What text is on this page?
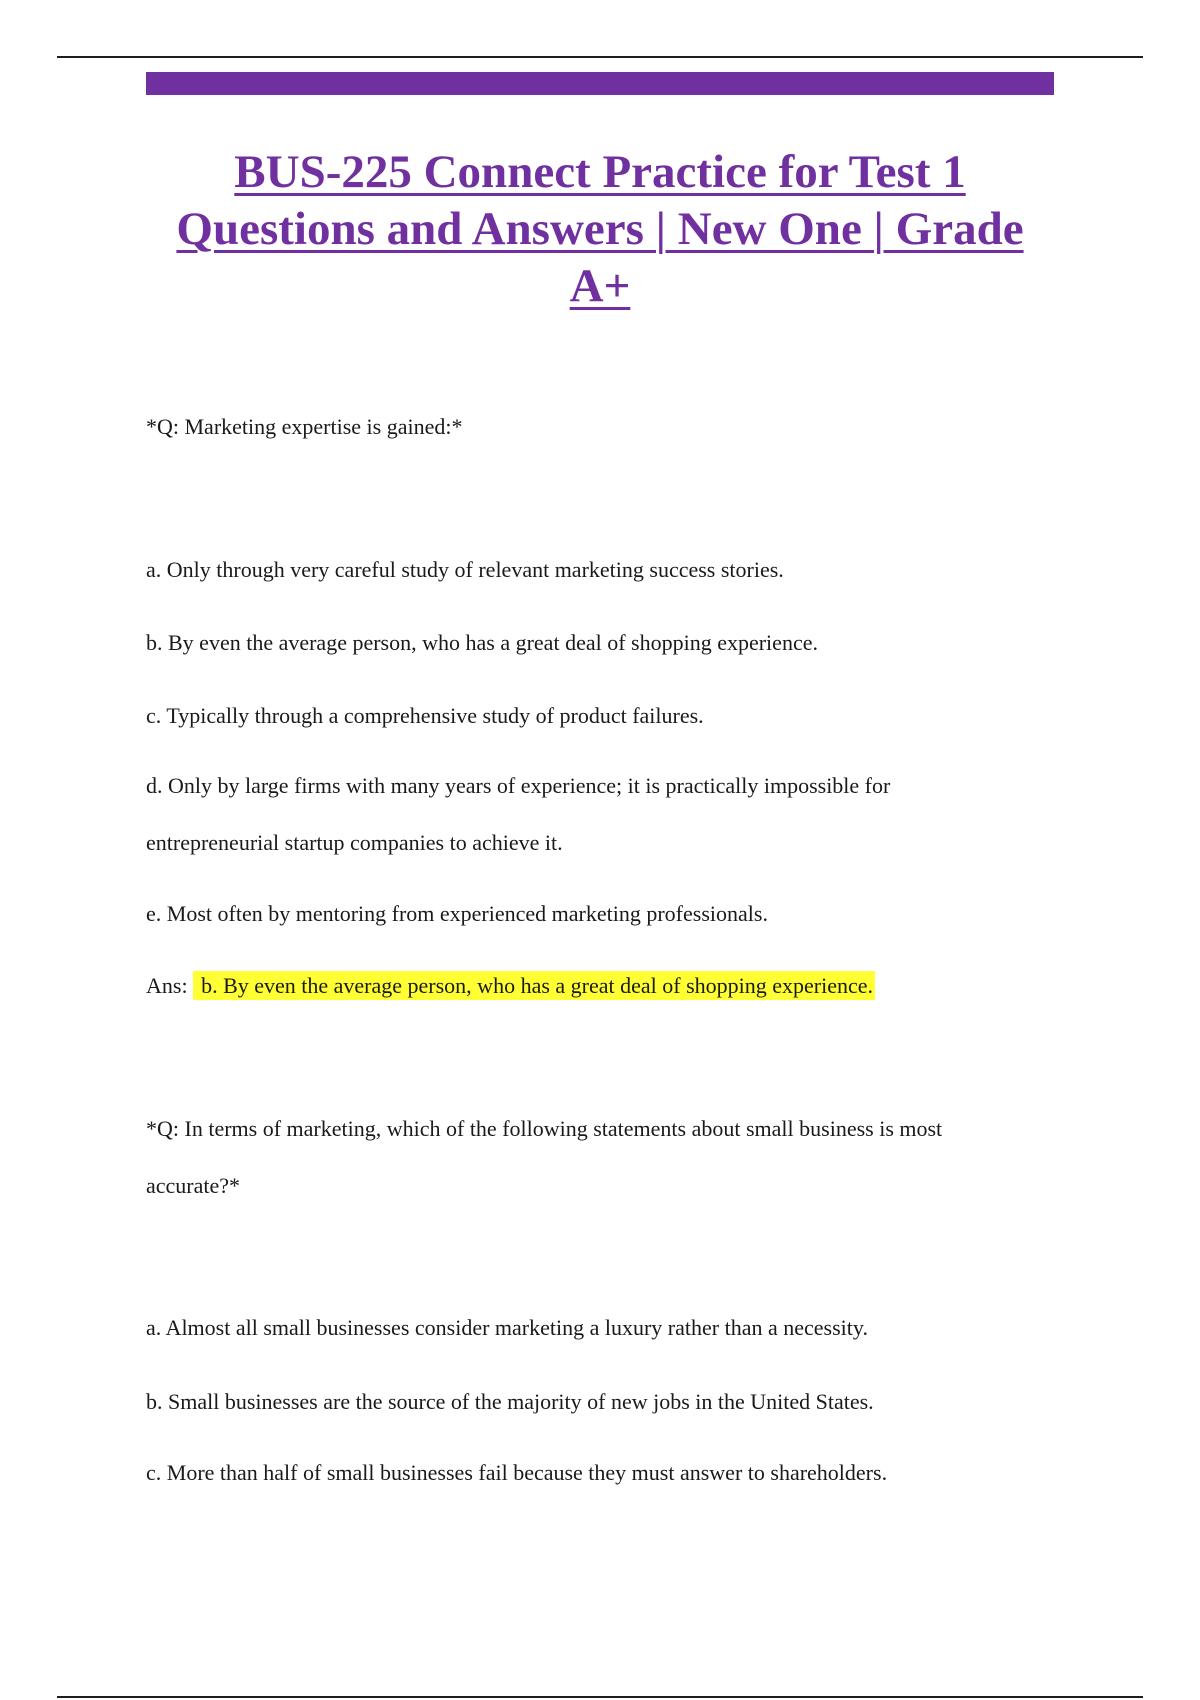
BUS-225 Connect Practice for Test 1
Questions and Answers | New One | Grade
A+
*Q: Marketing expertise is gained:*
a. Only through very careful study of relevant marketing success stories.
b. By even the average person, who has a great deal of shopping experience.
c. Typically through a comprehensive study of product failures.
d. Only by large firms with many years of experience; it is practically impossible for
entrepreneurial startup companies to achieve it.
e. Most often by mentoring from experienced marketing professionals.
Ans: b. By even the average person, who has a great deal of shopping experience.
*Q: In terms of marketing, which of the following statements about small business is most
accurate?*
a. Almost all small businesses consider marketing a luxury rather than a necessity.
b. Small businesses are the source of the majority of new jobs in the United States.
c. More than half of small businesses fail because they must answer to shareholders.
